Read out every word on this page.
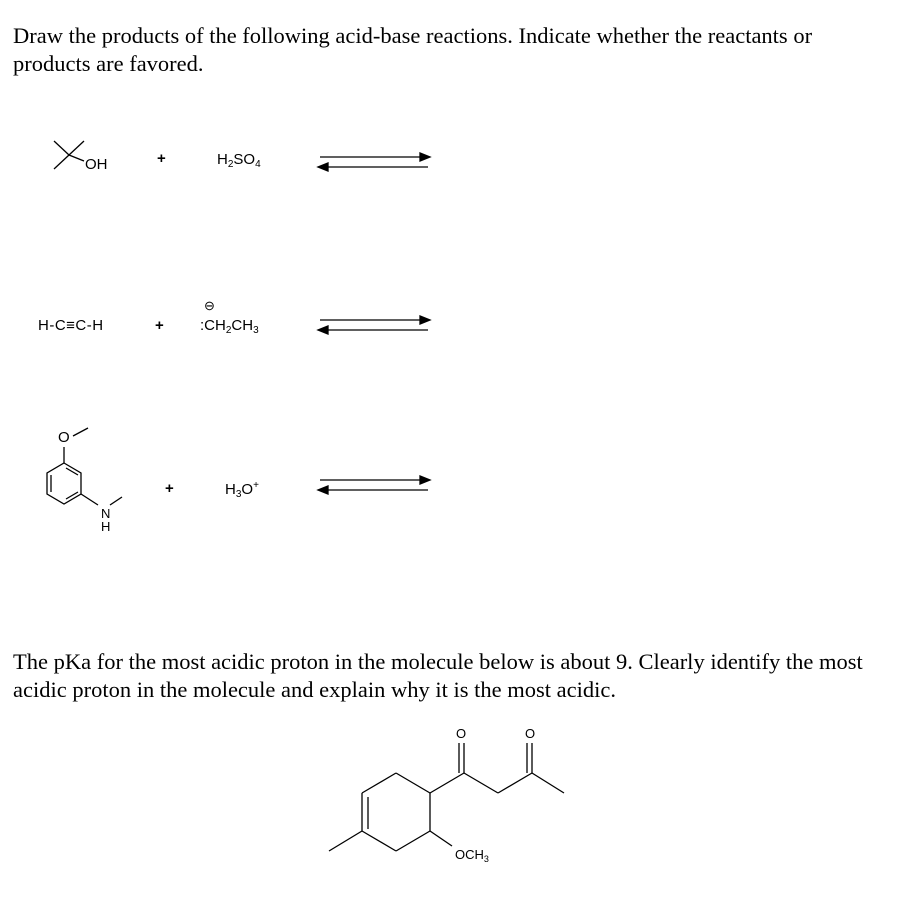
Draw the products of the following acid-base reactions. Indicate whether the reactants or products are favored.

OH	+	$H_2SO_4$
H-C≡C-H	+
⊖
$:CH_2CH_3$
O
N
H
+	$H_3O^+$

The pKa for the most acidic proton in the molecule below is about 9. Clearly identify the most acidic proton in the molecule and explain why it is the most acidic.

O	O
$OCH_3$
